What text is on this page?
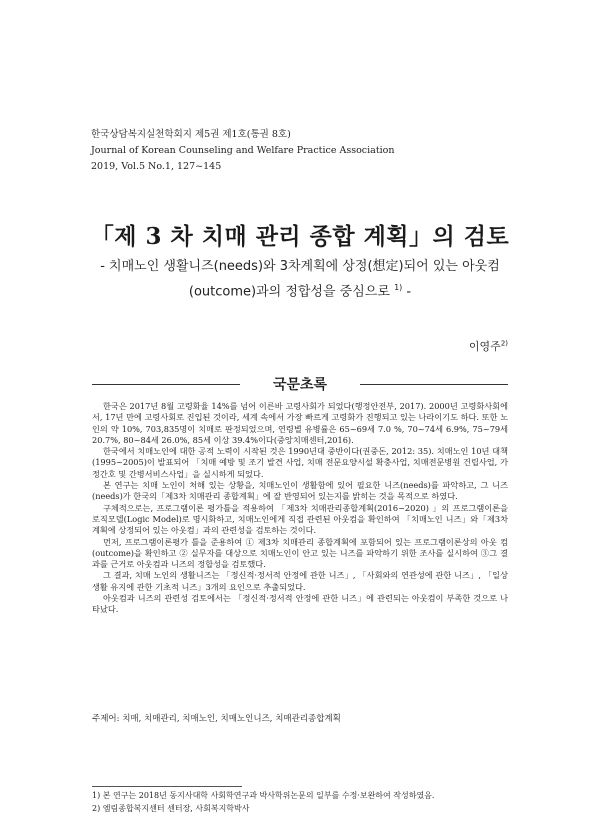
한국상담복지실천학회지 제5권 제1호(통권 8호)
Journal of Korean Counseling and Welfare Practice Association
2019, Vol.5 No.1, 127~145
「제 3 차 치매 관리 종합 계획」의 검토
- 치매노인 생활니즈(needs)와 3차계획에 상정(想定)되어 있는 아웃컴
(outcome)과의 정합성을 중심으로 $^{1)}$ -
이영주$^{2)}$
국문초록

한국은 2017년 8월 고령화율 14%를 넘어 이른바 고령사회가 되었다(행정안전부, 2017). 2000년 고령화사회에서, 17년 만에 고령사회로 진입된 것이라, 세계 속에서 가장 빠르게 고령화가 진행되고 있는 나라이기도 하다. 또한 노인의 약 10%, 703,835명이 치매로 판정되었으며, 연령별 유병률은 65~69세 7.0 %, 70~74세 6.9%, 75~79세 20.7%, 80~84세 26.0%, 85세 이상 39.4%이다(중앙치매센터,2016).

한국에서 치매노인에 대한 공적 노력이 시작된 것은 1990년대 중반이다(권중돈, 2012: 35). 치매노인 10년 대책(1995~2005)이 발표되어 「치매 예방 및 조기 발견 사업, 치매 전문요양시설 확충사업, 치매전문병원 건립사업, 가정간호 및 간병서비스사업」을 실시하게 되었다.

본 연구는 치매 노인이 처해 있는 상황을, 치매노인이 생활함에 있어 필요한 니즈(needs)를 파악하고, 그 니즈(needs)가 한국의「제3차 치매관리 종합계획」에 잘 반영되어 있는지를 밝히는 것을 목적으로 하였다.

구체적으로는, 프로그램이론 평가틀을 적용하여 「제3차 치매관리종합계획(2016~2020) 」의 프로그램이론을 로직모델(Logic Model)로 명시화하고, 치매노인에게 직접 관련된 아웃컴을 확인하여 「치매노인 니즈」와「제3차 계획에 상정되어 있는 아웃컴」과의 관련성을 검토하는 것이다.

먼저, 프로그램이론평가 틀을 준용하여 ① 제3차 치매관리 종합계획에 포함되어 있는 프로그램이론상의 아웃 컴(outcome)을 확인하고 ② 실무자를 대상으로 치매노인이 안고 있는 니즈를 파악하기 위한 조사를 실시하여 ③그 결과를 근거로 아웃컴과 니즈의 정합성을 검토했다.

그 결과, 치매 노인의 생활니즈는 「정신적·정서적 안정에 관한 니즈」, 「사회와의 연관성에 관한 니즈」, 「일상생활 유지에 관한 기초적 니즈」3개의 요인으로 추출되었다.

아웃컴과 니즈의 관련성 검토에서는 「정신적·정서적 안정에 관한 니즈」에 관련되는 아웃컴이 부족한 것으로 나타났다.

주제어: 치매, 치매관리, 치매노인, 치매노인니즈, 치매관리종합계획
1) 본 연구는 2018년 동지사대학 사회학연구과 박사학위논문의 일부를 수정·보완하여 작성하였음.
2) 엠림종합복지센터 센터장, 사회복지학박사
